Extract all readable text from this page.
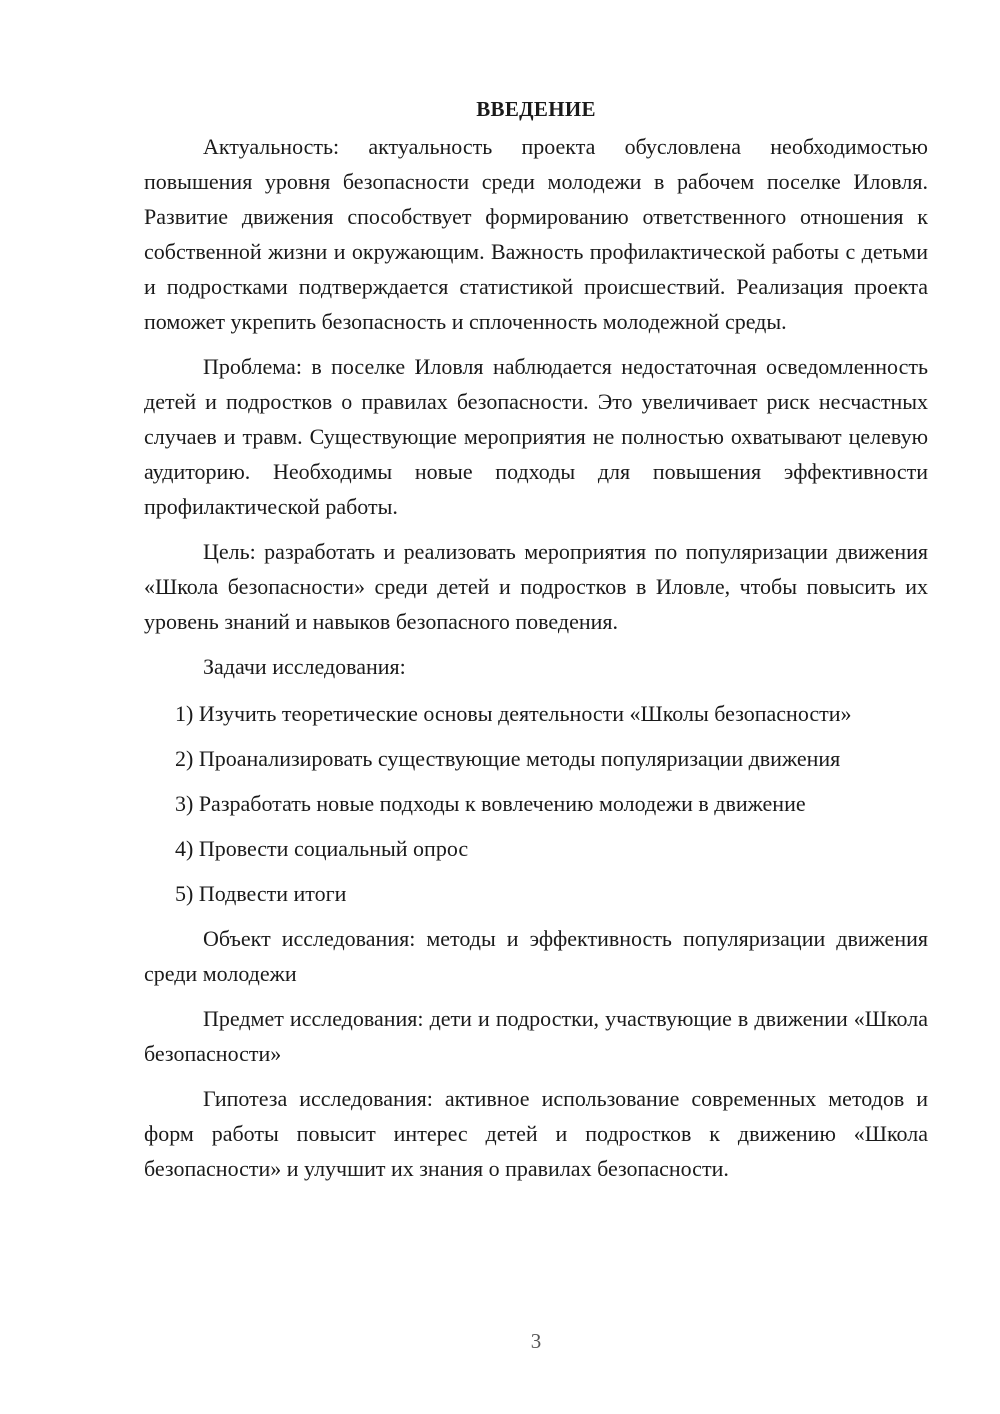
ВВЕДЕНИЕ

Актуальность: актуальность проекта обусловлена необходимостью повышения уровня безопасности среди молодежи в рабочем поселке Иловля. Развитие движения способствует формированию ответственного отношения к собственной жизни и окружающим. Важность профилактической работы с детьми и подростками подтверждается статистикой происшествий. Реализация проекта поможет укрепить безопасность и сплоченность молодежной среды.

Проблема: в поселке Иловля наблюдается недостаточная осведомленность детей и подростков о правилах безопасности. Это увеличивает риск несчастных случаев и травм. Существующие мероприятия не полностью охватывают целевую аудиторию. Необходимы новые подходы для повышения эффективности профилактической работы.

Цель: разработать и реализовать мероприятия по популяризации движения «Школа безопасности» среди детей и подростков в Иловле, чтобы повысить их уровень знаний и навыков безопасного поведения.

Задачи исследования:

1) Изучить теоретические основы деятельности «Школы безопасности»

2) Проанализировать существующие методы популяризации движения

3) Разработать новые подходы к вовлечению молодежи в движение

4) Провести социальный опрос

5) Подвести итоги

Объект исследования: методы и эффективность популяризации движения среди молодежи

Предмет исследования: дети и подростки, участвующие в движении «Школа безопасности»

Гипотеза исследования: активное использование современных методов и форм работы повысит интерес детей и подростков к движению «Школа безопасности» и улучшит их знания о правилах безопасности.

3
